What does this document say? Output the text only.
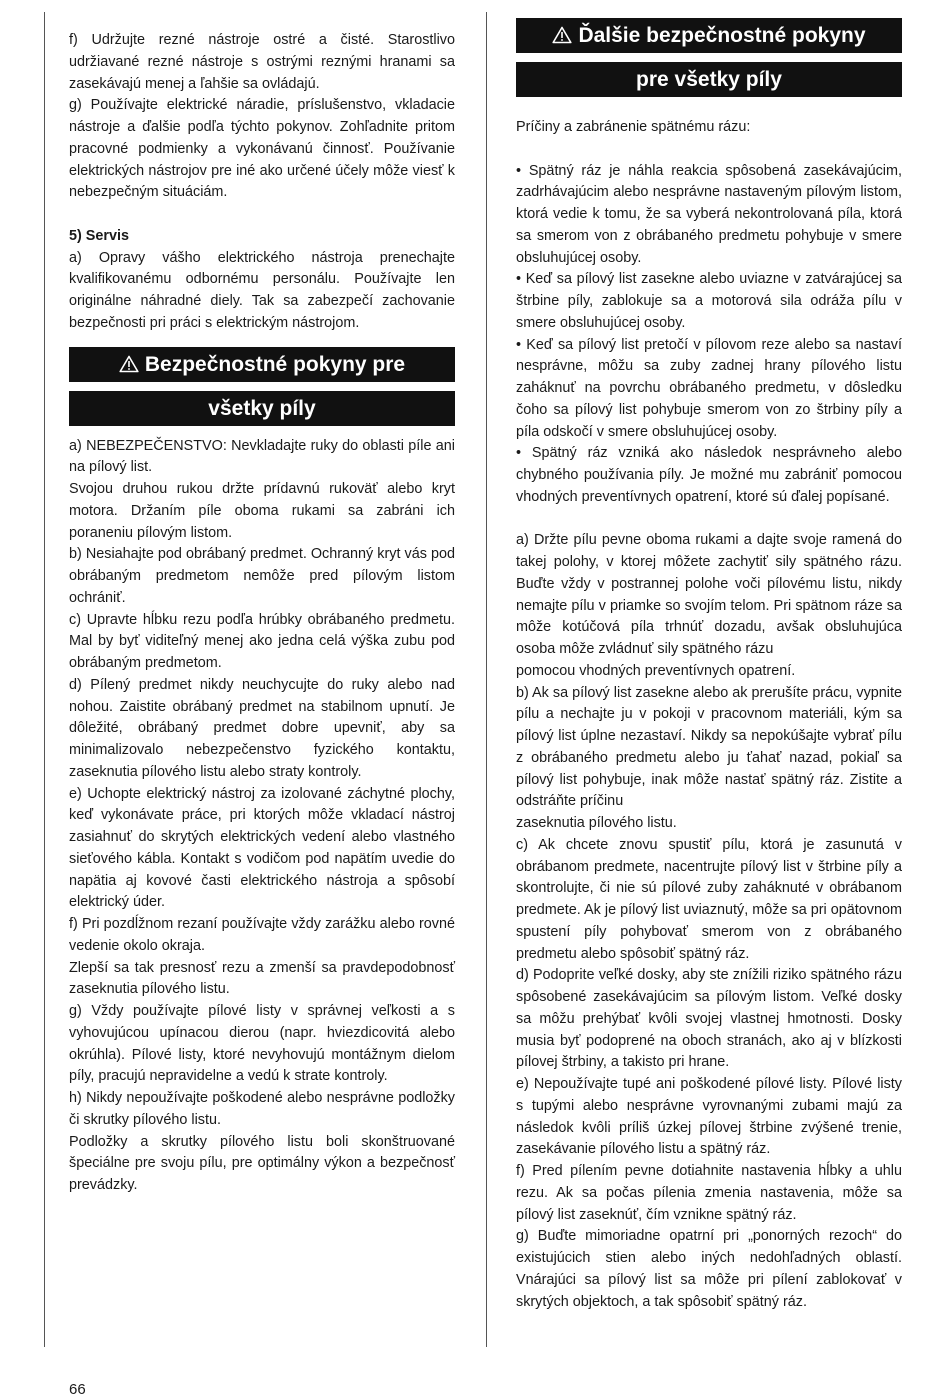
f) Udržujte rezné nástroje ostré a čisté. Starostlivo udržiavané rezné nástroje s ostrými reznými hranami sa zasekávajú menej a ľahšie sa ovládajú.

g) Používajte elektrické náradie, príslušenstvo, vkladacie nástroje a ďalšie podľa týchto pokynov. Zohľadnite pritom pracovné podmienky a vykonávanú činnosť. Používanie elektrických nástrojov pre iné ako určené účely môže viesť k nebezpečným situáciám.

5) Servis

a) Opravy vášho elektrického nástroja prenechajte kvalifikovanému odbornému personálu. Používajte len originálne náhradné diely. Tak sa zabezpečí zachovanie bezpečnosti pri práci s elektrickým nástrojom.

Bezpečnostné pokyny pre
všetky píly

a) NEBEZPEČENSTVO: Nevkladajte ruky do oblasti píle ani na pílový list.

Svojou druhou rukou držte prídavnú rukoväť alebo kryt motora. Držaním píle oboma rukami sa zabráni ich poraneniu pílovým listom.

b) Nesiahajte pod obrábaný predmet. Ochranný kryt vás pod obrábaným predmetom nemôže pred pílovým listom ochrániť.

c) Upravte hĺbku rezu podľa hrúbky obrábaného predmetu. Mal by byť viditeľný menej ako jedna celá výška zubu pod obrábaným predmetom.

d) Pílený predmet nikdy neuchycujte do ruky alebo nad nohou. Zaistite obrábaný predmet na stabilnom upnutí. Je dôležité, obrábaný predmet dobre upevniť, aby sa minimalizovalo nebezpečenstvo fyzického kontaktu, zaseknutia pílového listu alebo straty kontroly.

e) Uchopte elektrický nástroj za izolované záchytné plochy, keď vykonávate práce, pri ktorých môže vkladací nástroj zasiahnuť do skrytých elektrických vedení alebo vlastného sieťového kábla. Kontakt s vodičom pod napätím uvedie do napätia aj kovové časti elektrického nástroja a spôsobí elektrický úder.

f) Pri pozdĺžnom rezaní používajte vždy zarážku alebo rovné vedenie okolo okraja.

Zlepší sa tak presnosť rezu a zmenší sa pravdepodobnosť zaseknutia pílového listu.

g) Vždy používajte pílové listy v správnej veľkosti a s vyhovujúcou upínacou dierou (napr. hviezdicovitá alebo okrúhla). Pílové listy, ktoré nevyhovujú montážnym dielom píly, pracujú nepravidelne a vedú k strate kontroly.

h) Nikdy nepoužívajte poškodené alebo nesprávne podložky či skrutky pílového listu.

Podložky a skrutky pílového listu boli skonštruované špeciálne pre svoju pílu, pre optimálny výkon a bezpečnosť prevádzky.

Ďalšie bezpečnostné pokyny
pre všetky píly

Príčiny a zabránenie spätnému rázu:

• Spätný ráz je náhla reakcia spôsobená zasekávajúcim, zadrhávajúcim alebo nesprávne nastaveným pílovým listom, ktorá vedie k tomu, že sa vyberá nekontrolovaná píla, ktorá sa smerom von z obrábaného predmetu pohybuje v smere obsluhujúcej osoby.

• Keď sa pílový list zasekne alebo uviazne v zatvárajúcej sa štrbine píly, zablokuje sa a motorová sila odráža pílu v smere obsluhujúcej osoby.

• Keď sa pílový list pretočí v pílovom reze alebo sa nastaví nesprávne, môžu sa zuby zadnej hrany pílového listu zaháknuť na povrchu obrábaného predmetu, v dôsledku čoho sa pílový list pohybuje smerom von zo štrbiny píly a píla odskočí v smere obsluhujúcej osoby.

• Spätný ráz vzniká ako následok nesprávneho alebo chybného používania píly. Je možné mu zabrániť pomocou vhodných preventívnych opatrení, ktoré sú ďalej popísané.

a) Držte pílu pevne oboma rukami a dajte svoje ramená do takej polohy, v ktorej môžete zachytiť sily spätného rázu. Buďte vždy v postrannej polohe voči pílovému listu, nikdy nemajte pílu v priamke so svojím telom. Pri spätnom ráze sa môže kotúčová píla trhnúť dozadu, avšak obsluhujúca osoba môže zvládnuť sily spätného rázu

pomocou vhodných preventívnych opatrení.

b) Ak sa pílový list zasekne alebo ak prerušíte prácu, vypnite pílu a nechajte ju v pokoji v pracovnom materiáli, kým sa pílový list úplne nezastaví. Nikdy sa nepokúšajte vybrať pílu z obrábaného predmetu alebo ju ťahať nazad, pokiaľ sa pílový list pohybuje, inak môže nastať spätný ráz. Zistite a odstráňte príčinu

zaseknutia pílového listu.

c) Ak chcete znovu spustiť pílu, ktorá je zasunutá v obrábanom predmete, nacentrujte pílový list v štrbine píly a skontrolujte, či nie sú pílové zuby zaháknuté v obrábanom predmete. Ak je pílový list uviaznutý, môže sa pri opätovnom spustení píly pohybovať smerom von z obrábaného predmetu alebo spôsobiť spätný ráz.

d) Podoprite veľké dosky, aby ste znížili riziko spätného rázu spôsobené zasekávajúcim sa pílovým listom. Veľké dosky sa môžu prehýbať kvôli svojej vlastnej hmotnosti. Dosky musia byť podoprené na oboch stranách, ako aj v blízkosti pílovej štrbiny, a takisto pri hrane.

e) Nepoužívajte tupé ani poškodené pílové listy. Pílové listy s tupými alebo nesprávne vyrovnanými zubami majú za následok kvôli príliš úzkej pílovej štrbine zvýšené trenie, zasekávanie pílového listu a spätný ráz.

f) Pred pílením pevne dotiahnite nastavenia hĺbky a uhlu rezu. Ak sa počas pílenia zmenia nastavenia, môže sa pílový list zaseknúť, čím vznikne spätný ráz.

g) Buďte mimoriadne opatrní pri „ponorných rezoch“ do existujúcich stien alebo iných nedohľadných oblastí. Vnárajúci sa pílový list sa môže pri pílení zablokovať v skrytých objektoch, a tak spôsobiť spätný ráz.

66
